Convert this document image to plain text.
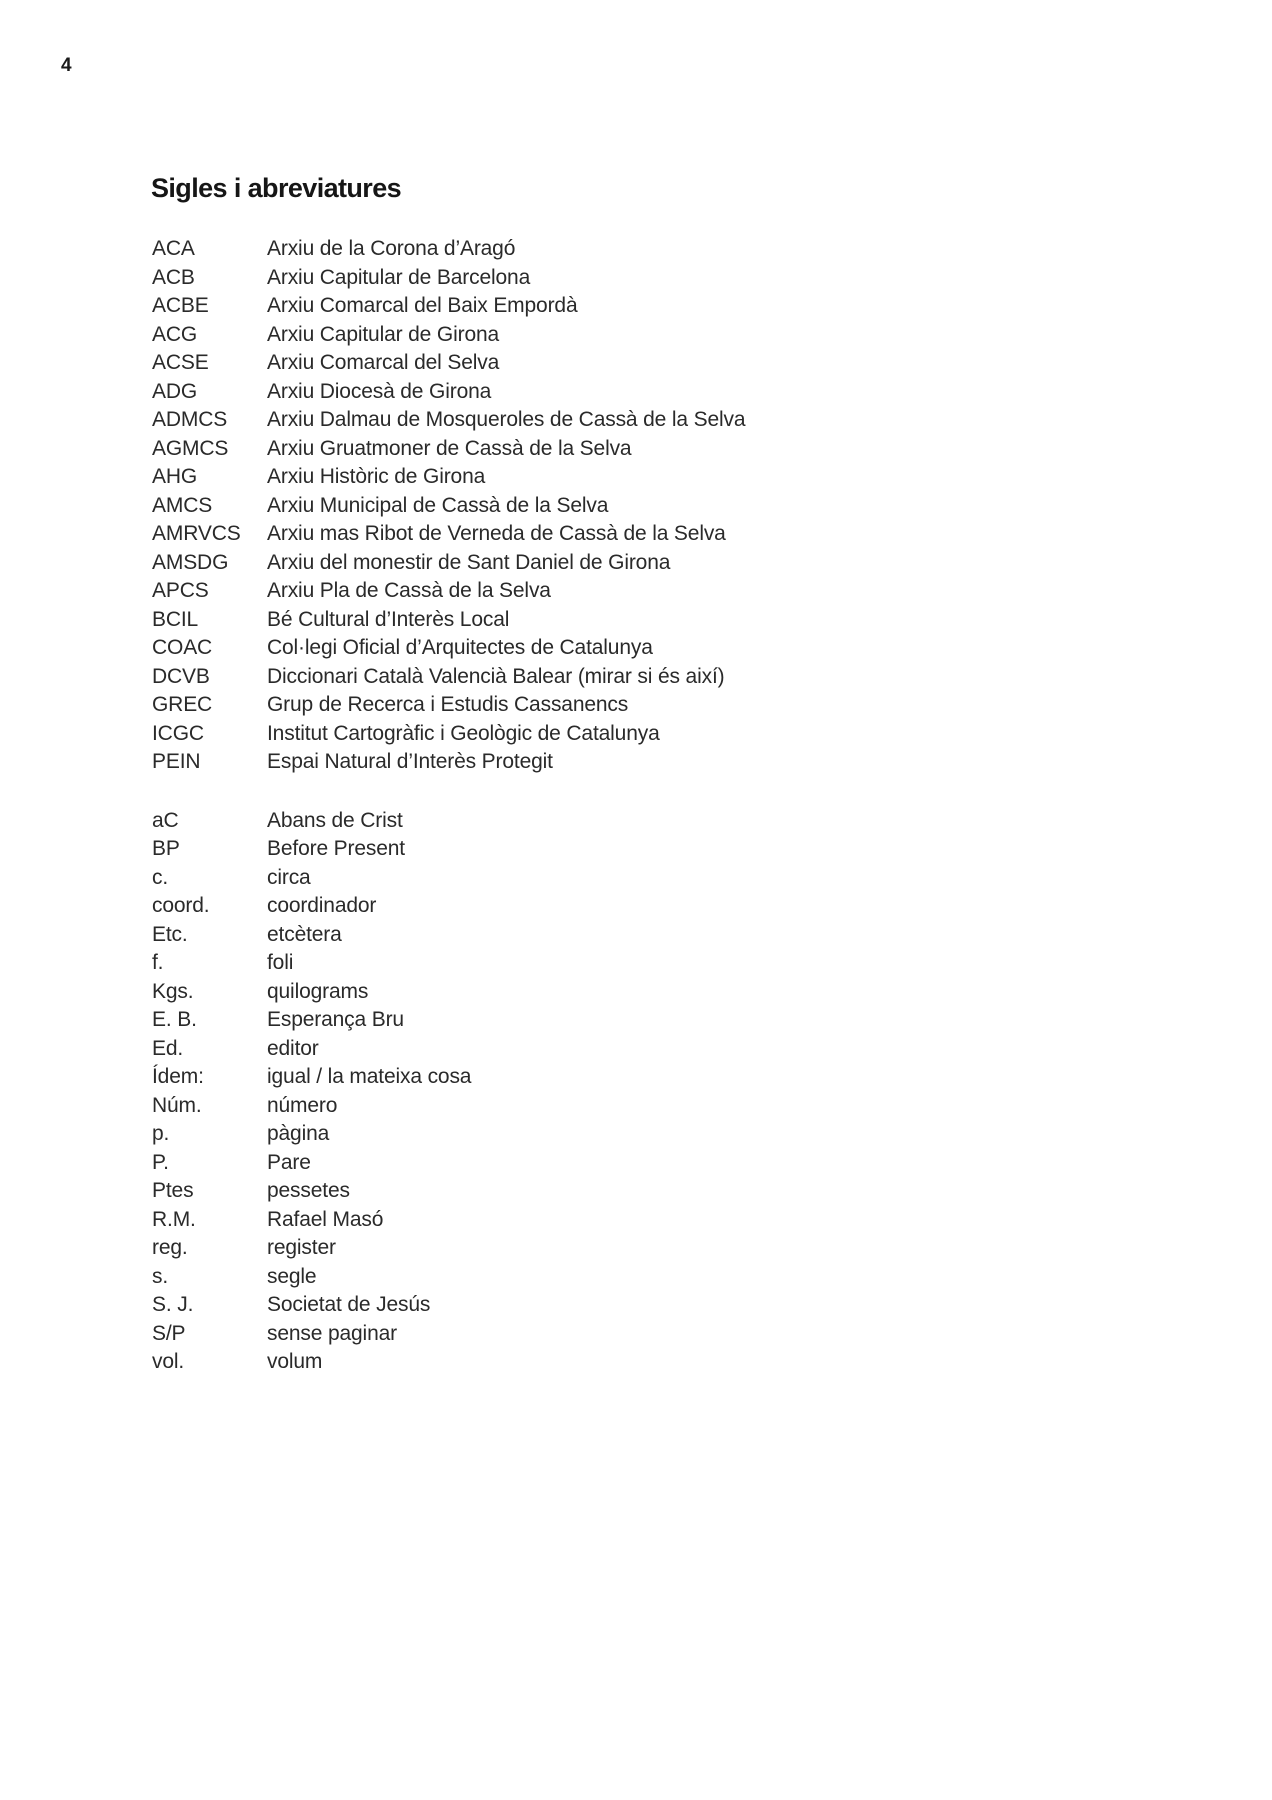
4
Sigles i abreviatures
ACA	Arxiu de la Corona d’Aragó
ACB	Arxiu Capitular de Barcelona
ACBE	Arxiu Comarcal del Baix Empordà
ACG	Arxiu Capitular de Girona
ACSE	Arxiu Comarcal del Selva
ADG	Arxiu Diocesà de Girona
ADMCS	Arxiu Dalmau de Mosqueroles de Cassà de la Selva
AGMCS	Arxiu Gruatmoner de Cassà de la Selva
AHG	Arxiu Històric de Girona
AMCS	Arxiu Municipal de Cassà de la Selva
AMRVCS	Arxiu mas Ribot de Verneda de Cassà de la Selva
AMSDG	Arxiu del monestir de Sant Daniel de Girona
APCS	Arxiu Pla de Cassà de la Selva
BCIL	Bé Cultural d’Interès Local
COAC	Col·legi Oficial d’Arquitectes de Catalunya
DCVB	Diccionari Català Valencià Balear (mirar si és així)
GREC	Grup de Recerca i Estudis Cassanencs
ICGC	Institut Cartogràfic i Geològic de Catalunya
PEIN	Espai Natural d’Interès Protegit
aC	Abans de Crist
BP	Before Present
c.	circa
coord.	coordinador
Etc.	etcètera
f.	foli
Kgs.	quilograms
E. B.	Esperança Bru
Ed.	editor
Ídem:	igual / la mateixa cosa
Núm.	número
p.	pàgina
P.	Pare
Ptes	pessetes
R.M.	Rafael Masó
reg.	register
s.	segle
S. J.	Societat de Jesús
S/P	sense paginar
vol.	volum
